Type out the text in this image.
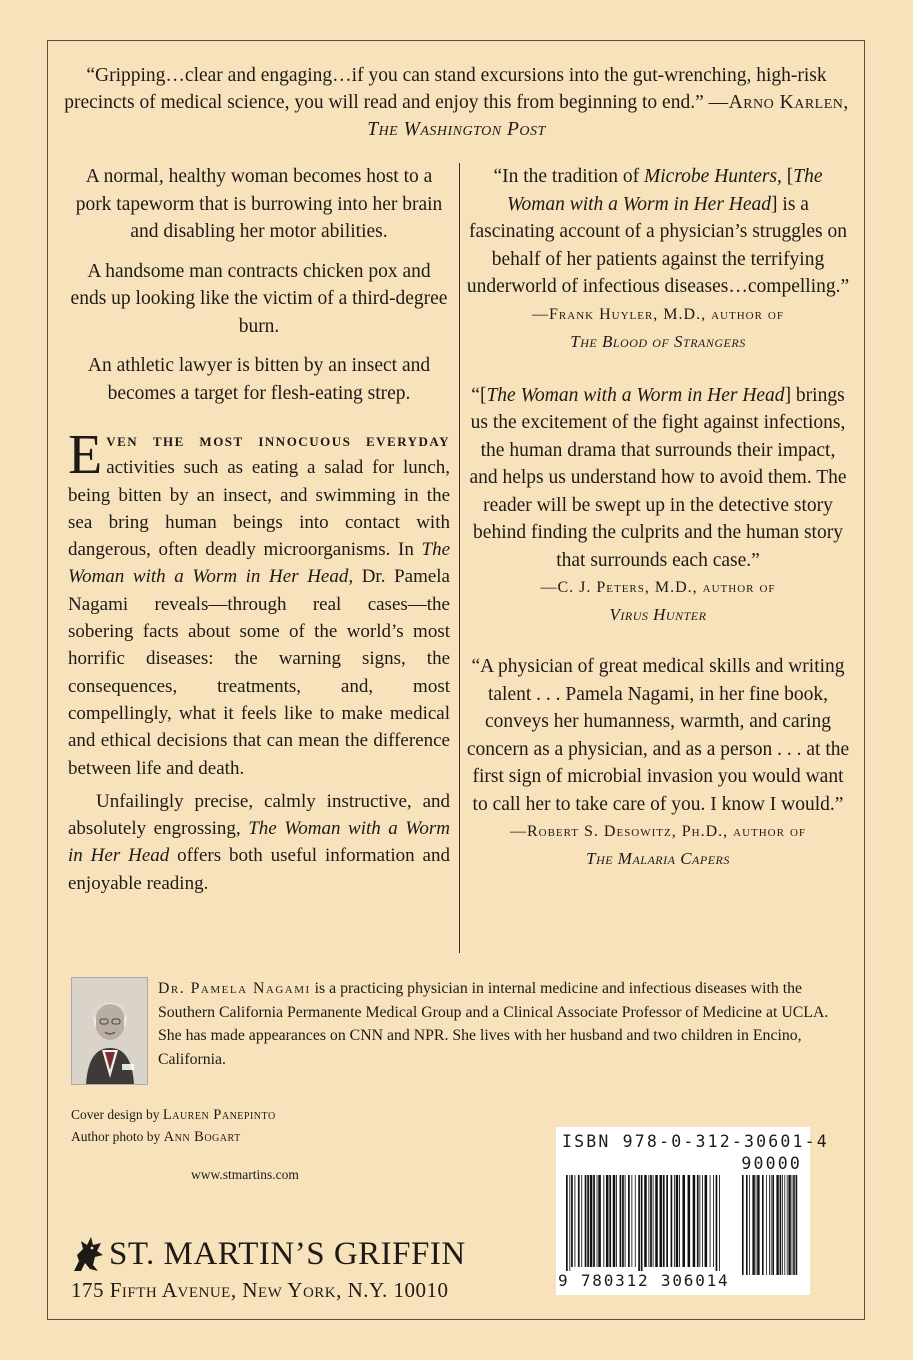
“Gripping…clear and engaging…if you can stand excursions into the gut-wrenching, high-risk precincts of medical science, you will read and enjoy this from beginning to end.” —Arno Karlen, The Washington Post

A normal, healthy woman becomes host to a pork tapeworm that is burrowing into her brain and disabling her motor abilities.

A handsome man contracts chicken pox and ends up looking like the victim of a third-degree burn.

An athletic lawyer is bitten by an insect and becomes a target for flesh-eating strep.

Even the most innocuous everyday activities such as eating a salad for lunch, being bitten by an insect, and swimming in the sea bring human beings into contact with dangerous, often deadly microorganisms. In The Woman with a Worm in Her Head, Dr. Pamela Nagami reveals—through real cases—the sobering facts about some of the world’s most horrific diseases: the warning signs, the consequences, treatments, and, most compellingly, what it feels like to make medical and ethical decisions that can mean the difference between life and death.

Unfailingly precise, calmly instructive, and absolutely engrossing, The Woman with a Worm in Her Head offers both useful information and enjoyable reading.

“In the tradition of Microbe Hunters, [The Woman with a Worm in Her Head] is a fascinating account of a physician’s struggles on behalf of her patients against the terrifying underworld of infectious diseases…compelling.”

—Frank Huyler, M.D., author of
The Blood of Strangers

“[The Woman with a Worm in Her Head] brings us the excitement of the fight against infections, the human drama that surrounds their impact, and helps us understand how to avoid them. The reader will be swept up in the detective story behind finding the culprits and the human story that surrounds each case.”

—C. J. Peters, M.D., author of
Virus Hunter

“A physician of great medical skills and writing talent . . . Pamela Nagami, in her fine book, conveys her humanness, warmth, and caring concern as a physician, and as a person . . . at the first sign of microbial invasion you would want to call her to take care of you. I know I would.”

—Robert S. Desowitz, Ph.D., author of
The Malaria Capers

Dr. Pamela Nagami is a practicing physician in internal medicine and infectious diseases with the Southern California Permanente Medical Group and a Clinical Associate Professor of Medicine at UCLA. She has made appearances on CNN and NPR. She lives with her husband and two children in Encino, California.
Cover design by Lauren Panepinto
Author photo by Ann Bogart
www.stmartins.com
ST. MARTIN’S GRIFFIN
175 Fifth Avenue, New York, N.Y. 10010
ISBN 978-0-312-30601-4
90000
9 780312 306014
